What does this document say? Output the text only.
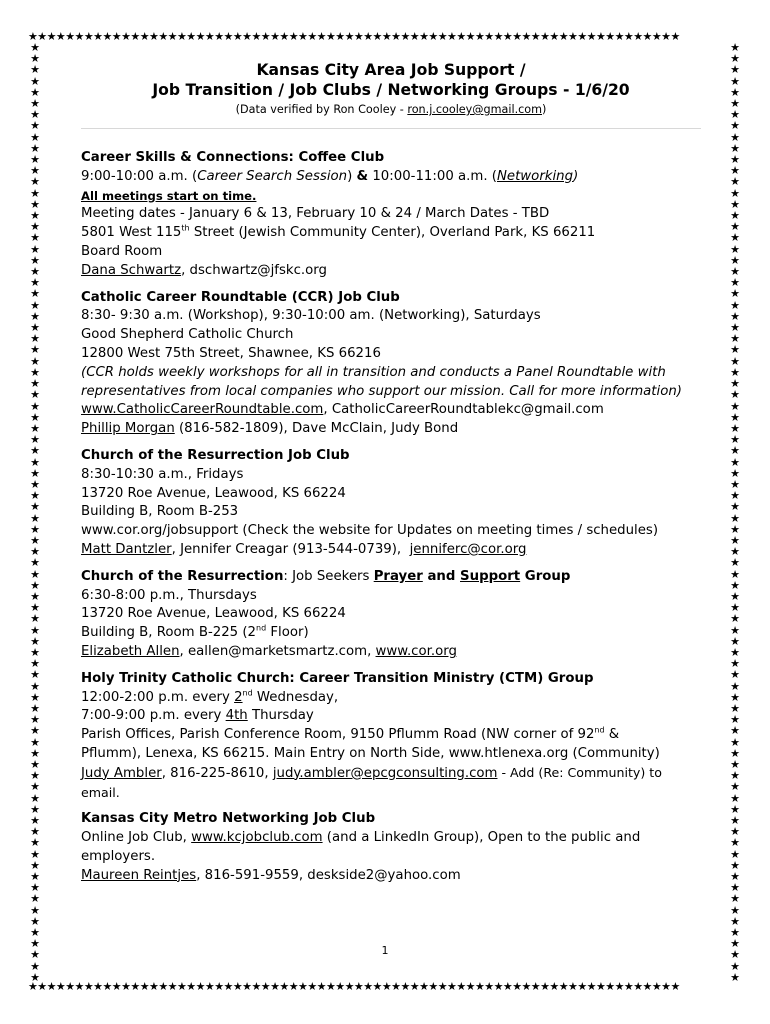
★★★★★★★★★★★★★★★★★★★★★★★★★★★★★★★★★★★★★★★★★★★★★★★★★★★★★★★★★★★★★★★★★★★★★★
★★★★★★★★★★★★★★★★★★★★★★★★★★★★★★★★★★★★★★★★★★★★★★★★★★★★★★★★★★★★★★★★★★★★★★
★
★
★
★
★
★
★
★
★
★
★
★
★
★
★
★
★
★
★
★
★
★
★
★
★
★
★
★
★
★
★
★
★
★
★
★
★
★
★
★
★
★
★
★
★
★
★
★
★
★
★
★
★
★
★
★
★
★
★
★
★
★
★
★
★
★
★
★
★
★
★
★
★
★
★
★
★
★
★
★
★
★
★
★
★
★
★
★
★
★
★
★
★
★
★
★
★
★
★
★
★
★
★
★
★
★
★
★
★
★
★
★
★
★
★
★
★
★
★
★
★
★
★
★
★
★
★
★
★
★
★
★
★
★
★
★
★
★
★
★
★
★
★
★
★
★
★
★
★
★
★
★
★
★
★
★
★
★
★
★
★
★
★
★
★
★
★
★
Kansas City Area Job Support /
Job Transition / Job Clubs / Networking Groups - 1/6/20
(Data verified by Ron Cooley - ron.j.cooley@gmail.com)
Career Skills & Connections: Coffee Club
9:00-10:00 a.m. (Career Search Session) & 10:00-11:00 a.m. (Networking)
All meetings start on time.
Meeting dates - January 6 & 13, February 10 & 24 / March Dates - TBD
5801 West 115th Street (Jewish Community Center), Overland Park, KS 66211
Board Room
Dana Schwartz, dschwartz@jfskc.org
Catholic Career Roundtable (CCR) Job Club
8:30- 9:30 a.m. (Workshop), 9:30-10:00 am. (Networking), Saturdays
Good Shepherd Catholic Church
12800 West 75th Street, Shawnee, KS 66216
(CCR holds weekly workshops for all in transition and conducts a Panel Roundtable with
representatives from local companies who support our mission. Call for more information)
www.CatholicCareerRoundtable.com, CatholicCareerRoundtablekc@gmail.com
Phillip Morgan (816-582-1809), Dave McClain, Judy Bond
Church of the Resurrection Job Club
8:30-10:30 a.m., Fridays
13720 Roe Avenue, Leawood, KS 66224
Building B, Room B-253
www.cor.org/jobsupport (Check the website for Updates on meeting times / schedules)
Matt Dantzler, Jennifer Creagar (913-544-0739),  jenniferc@cor.org
Church of the Resurrection: Job Seekers Prayer and Support Group
6:30-8:00 p.m., Thursdays
13720 Roe Avenue, Leawood, KS 66224
Building B, Room B-225 (2nd Floor)
Elizabeth Allen, eallen@marketsmartz.com, www.cor.org
Holy Trinity Catholic Church: Career Transition Ministry (CTM) Group
12:00-2:00 p.m. every 2nd Wednesday,
7:00-9:00 p.m. every 4th Thursday
Parish Offices, Parish Conference Room, 9150 Pflumm Road (NW corner of 92nd &
Pflumm), Lenexa, KS 66215. Main Entry on North Side, www.htlenexa.org (Community)
Judy Ambler, 816-225-8610, judy.ambler@epcgconsulting.com - Add (Re: Community) to
email.
Kansas City Metro Networking Job Club
Online Job Club, www.kcjobclub.com (and a LinkedIn Group), Open to the public and
employers.
Maureen Reintjes, 816-591-9559, deskside2@yahoo.com
1
